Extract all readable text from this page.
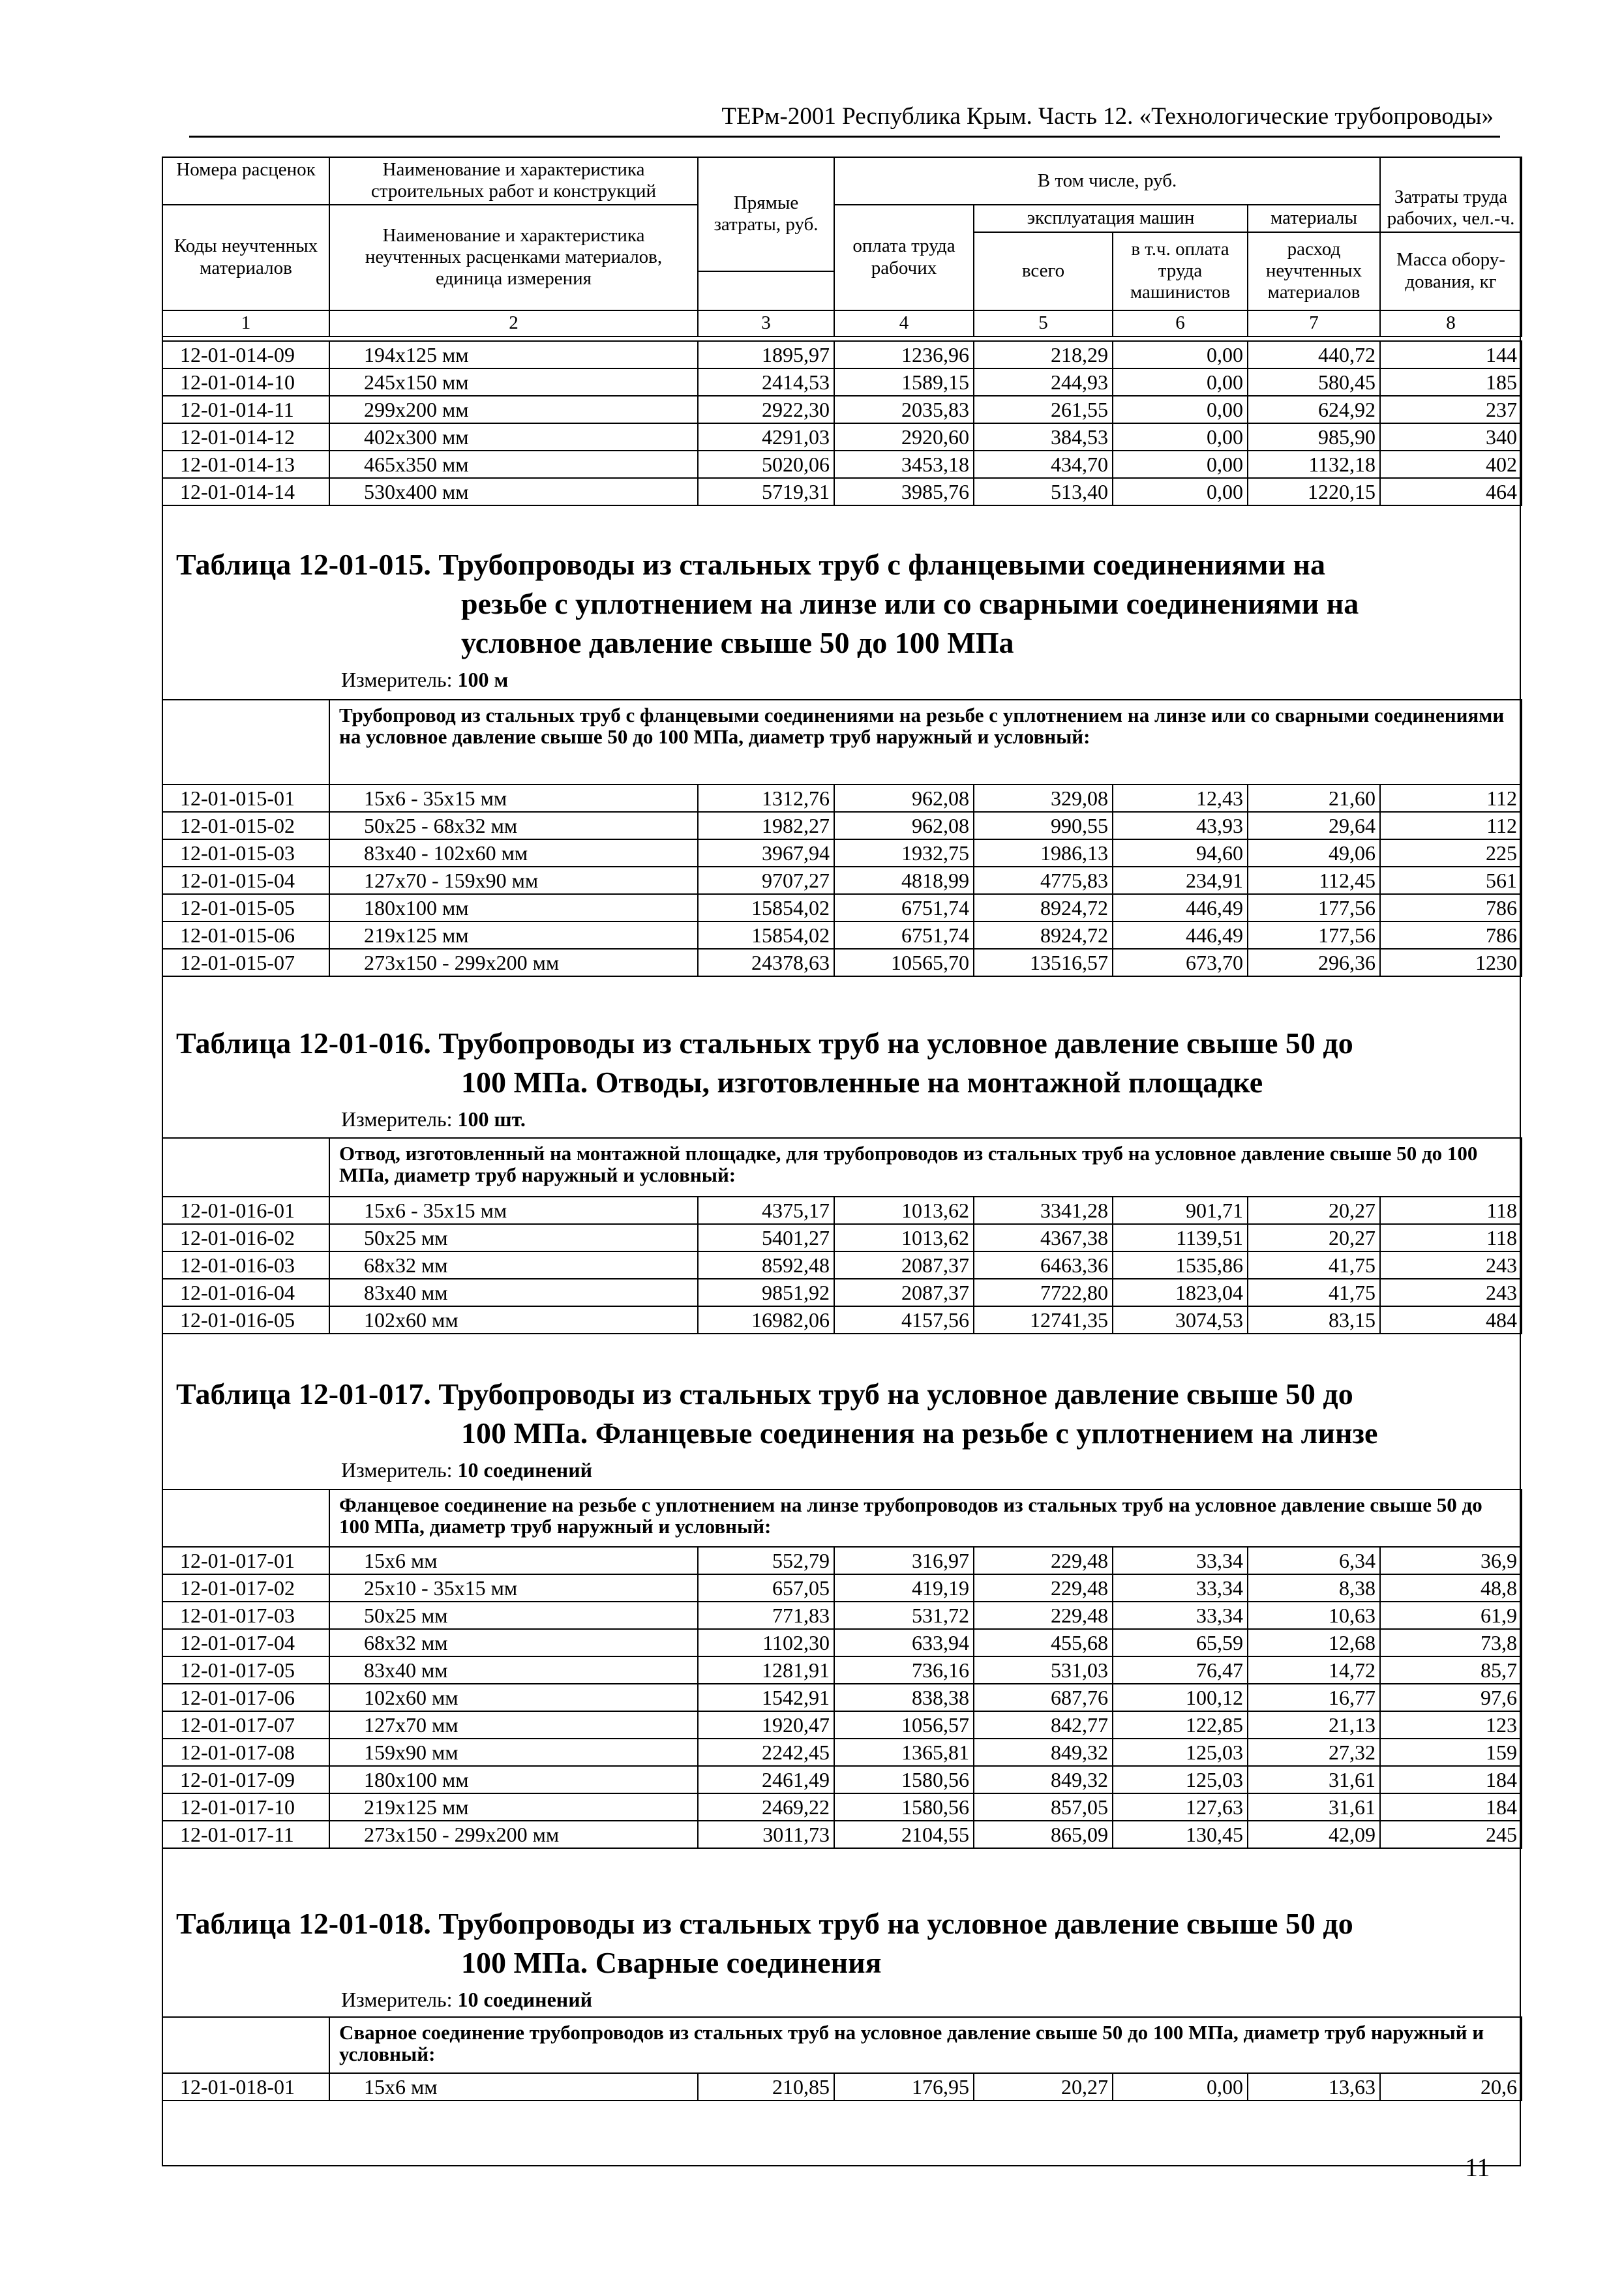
ТЕРм-2001 Республика Крым. Часть 12. «Технологические трубопроводы»
Номера расценок	Наименование и характеристика строительных работ и конструкций	Прямые затраты, руб.	В том числе, руб.				Затраты труда рабочих, чел.-ч.
Коды неучтенных материалов	Наименование и характеристика неучтенных расценками материалов, единица измерения		оплата труда рабочих	эксплуатация машин		материалы	
				всего	в т.ч. оплата труда машинистов	расход неучтенных материалов	Масса обору-дования, кг

1	2	3	4	5	6	7	8
12-01-014-09	194x125 мм	1895,97	1236,96	218,29	0,00	440,72	144
12-01-014-10	245x150 мм	2414,53	1589,15	244,93	0,00	580,45	185
12-01-014-11	299x200 мм	2922,30	2035,83	261,55	0,00	624,92	237
12-01-014-12	402x300 мм	4291,03	2920,60	384,53	0,00	985,90	340
12-01-014-13	465x350 мм	5020,06	3453,18	434,70	0,00	1132,18	402
12-01-014-14	530x400 мм	5719,31	3985,76	513,40	0,00	1220,15	464
Таблица 12-01-015. Трубопроводы из стальных труб с фланцевыми соединениями на
резьбе с уплотнением на линзе или со сварными соединениями на
условное давление свыше 50 до 100 МПа
Измеритель: 100 м
	Трубопровод из стальных труб с фланцевыми соединениями на резьбе с уплотнением на линзе или со сварными соединениями на условное давление свыше 50 до 100 МПа, диаметр труб наружный и условный:						
12-01-015-01	15x6 - 35x15 мм	1312,76	962,08	329,08	12,43	21,60	112
12-01-015-02	50x25 - 68x32 мм	1982,27	962,08	990,55	43,93	29,64	112
12-01-015-03	83x40 - 102x60 мм	3967,94	1932,75	1986,13	94,60	49,06	225
12-01-015-04	127x70 - 159x90 мм	9707,27	4818,99	4775,83	234,91	112,45	561
12-01-015-05	180x100 мм	15854,02	6751,74	8924,72	446,49	177,56	786
12-01-015-06	219x125 мм	15854,02	6751,74	8924,72	446,49	177,56	786
12-01-015-07	273x150 - 299x200 мм	24378,63	10565,70	13516,57	673,70	296,36	1230
Таблица 12-01-016. Трубопроводы из стальных труб на условное давление свыше 50 до
100 МПа. Отводы, изготовленные на монтажной площадке
Измеритель: 100 шт.
	Отвод, изготовленный на монтажной площадке, для трубопроводов из стальных труб на условное давление свыше 50 до 100 МПа, диаметр труб наружный и условный:						
12-01-016-01	15x6 - 35x15 мм	4375,17	1013,62	3341,28	901,71	20,27	118
12-01-016-02	50x25 мм	5401,27	1013,62	4367,38	1139,51	20,27	118
12-01-016-03	68x32 мм	8592,48	2087,37	6463,36	1535,86	41,75	243
12-01-016-04	83x40 мм	9851,92	2087,37	7722,80	1823,04	41,75	243
12-01-016-05	102x60 мм	16982,06	4157,56	12741,35	3074,53	83,15	484
Таблица 12-01-017. Трубопроводы из стальных труб на условное давление свыше 50 до
100 МПа. Фланцевые соединения на резьбе с уплотнением на линзе
Измеритель: 10 соединений
	Фланцевое соединение на резьбе с уплотнением на линзе трубопроводов из стальных труб на условное давление свыше 50 до 100 МПа, диаметр труб наружный и условный:						
12-01-017-01	15x6 мм	552,79	316,97	229,48	33,34	6,34	36,9
12-01-017-02	25x10 - 35x15 мм	657,05	419,19	229,48	33,34	8,38	48,8
12-01-017-03	50x25 мм	771,83	531,72	229,48	33,34	10,63	61,9
12-01-017-04	68x32 мм	1102,30	633,94	455,68	65,59	12,68	73,8
12-01-017-05	83x40 мм	1281,91	736,16	531,03	76,47	14,72	85,7
12-01-017-06	102x60 мм	1542,91	838,38	687,76	100,12	16,77	97,6
12-01-017-07	127x70 мм	1920,47	1056,57	842,77	122,85	21,13	123
12-01-017-08	159x90 мм	2242,45	1365,81	849,32	125,03	27,32	159
12-01-017-09	180x100 мм	2461,49	1580,56	849,32	125,03	31,61	184
12-01-017-10	219x125 мм	2469,22	1580,56	857,05	127,63	31,61	184
12-01-017-11	273x150 - 299x200 мм	3011,73	2104,55	865,09	130,45	42,09	245
Таблица 12-01-018. Трубопроводы из стальных труб на условное давление свыше 50 до
100 МПа. Сварные соединения
Измеритель: 10 соединений
	Сварное соединение трубопроводов из стальных труб на условное давление свыше 50 до 100 МПа, диаметр труб наружный и условный:						
12-01-018-01	15x6 мм	210,85	176,95	20,27	0,00	13,63	20,6
11
